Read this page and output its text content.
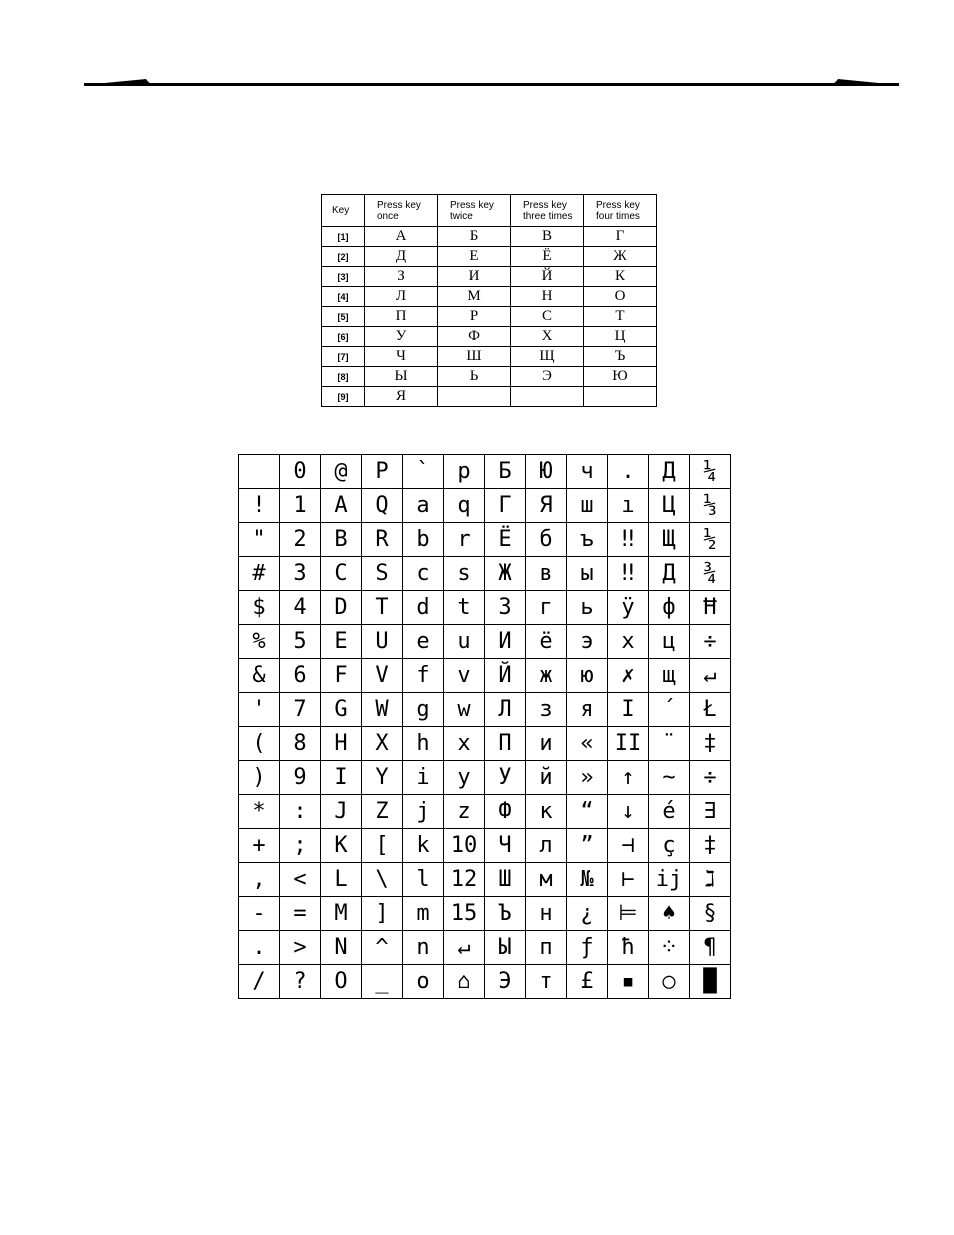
Key	Press key once	Press key twice	Press key three times	Press key four times
[1]	А	Б	В	Г
[2]	Д	Е	Ё	Ж
[3]	З	И	Й	К
[4]	Л	М	Н	О
[5]	П	Р	С	Т
[6]	У	Ф	Х	Ц
[7]	Ч	Ш	Щ	Ъ
[8]	Ы	Ь	Э	Ю
[9]	Я			
	0	@	P	`	p	Б	Ю	ч	.	Д	¼
!	1	A	Q	a	q	Г	Я	ш	ı	Ц	⅓
"	2	B	R	b	r	Ё	б	ъ	‼	Щ	½
#	3	C	S	c	s	Ж	в	ы	‼	Д	¾
$	4	D	T	d	t	З	г	ь	ÿ	ф	Ħ
%	5	E	U	e	u	И	ё	э	x	ц	÷
&	6	F	V	f	v	Й	ж	ю	✗	щ	↵
'	7	G	W	g	w	Л	з	я	I	´	Ł
(	8	H	X	h	x	П	и	«	II	¨	‡
)	9	I	Y	i	y	У	й	»	↑	~	÷
*	:	J	Z	j	z	Ф	к	“	↓	é	∃
+	;	K	[	k	10	Ч	л	”	⊣	ç	‡
,	<	L	\	l	12	Ш	м	№	⊢	ij	ℷ
-	=	M	]	m	15	Ъ	н	¿	⊨	♠	§
.	>	N	^	n	↵	Ы	п	ƒ	ħ	⁘	¶
/	?	O	_	o	⌂	Э	т	£	▪	○	█
